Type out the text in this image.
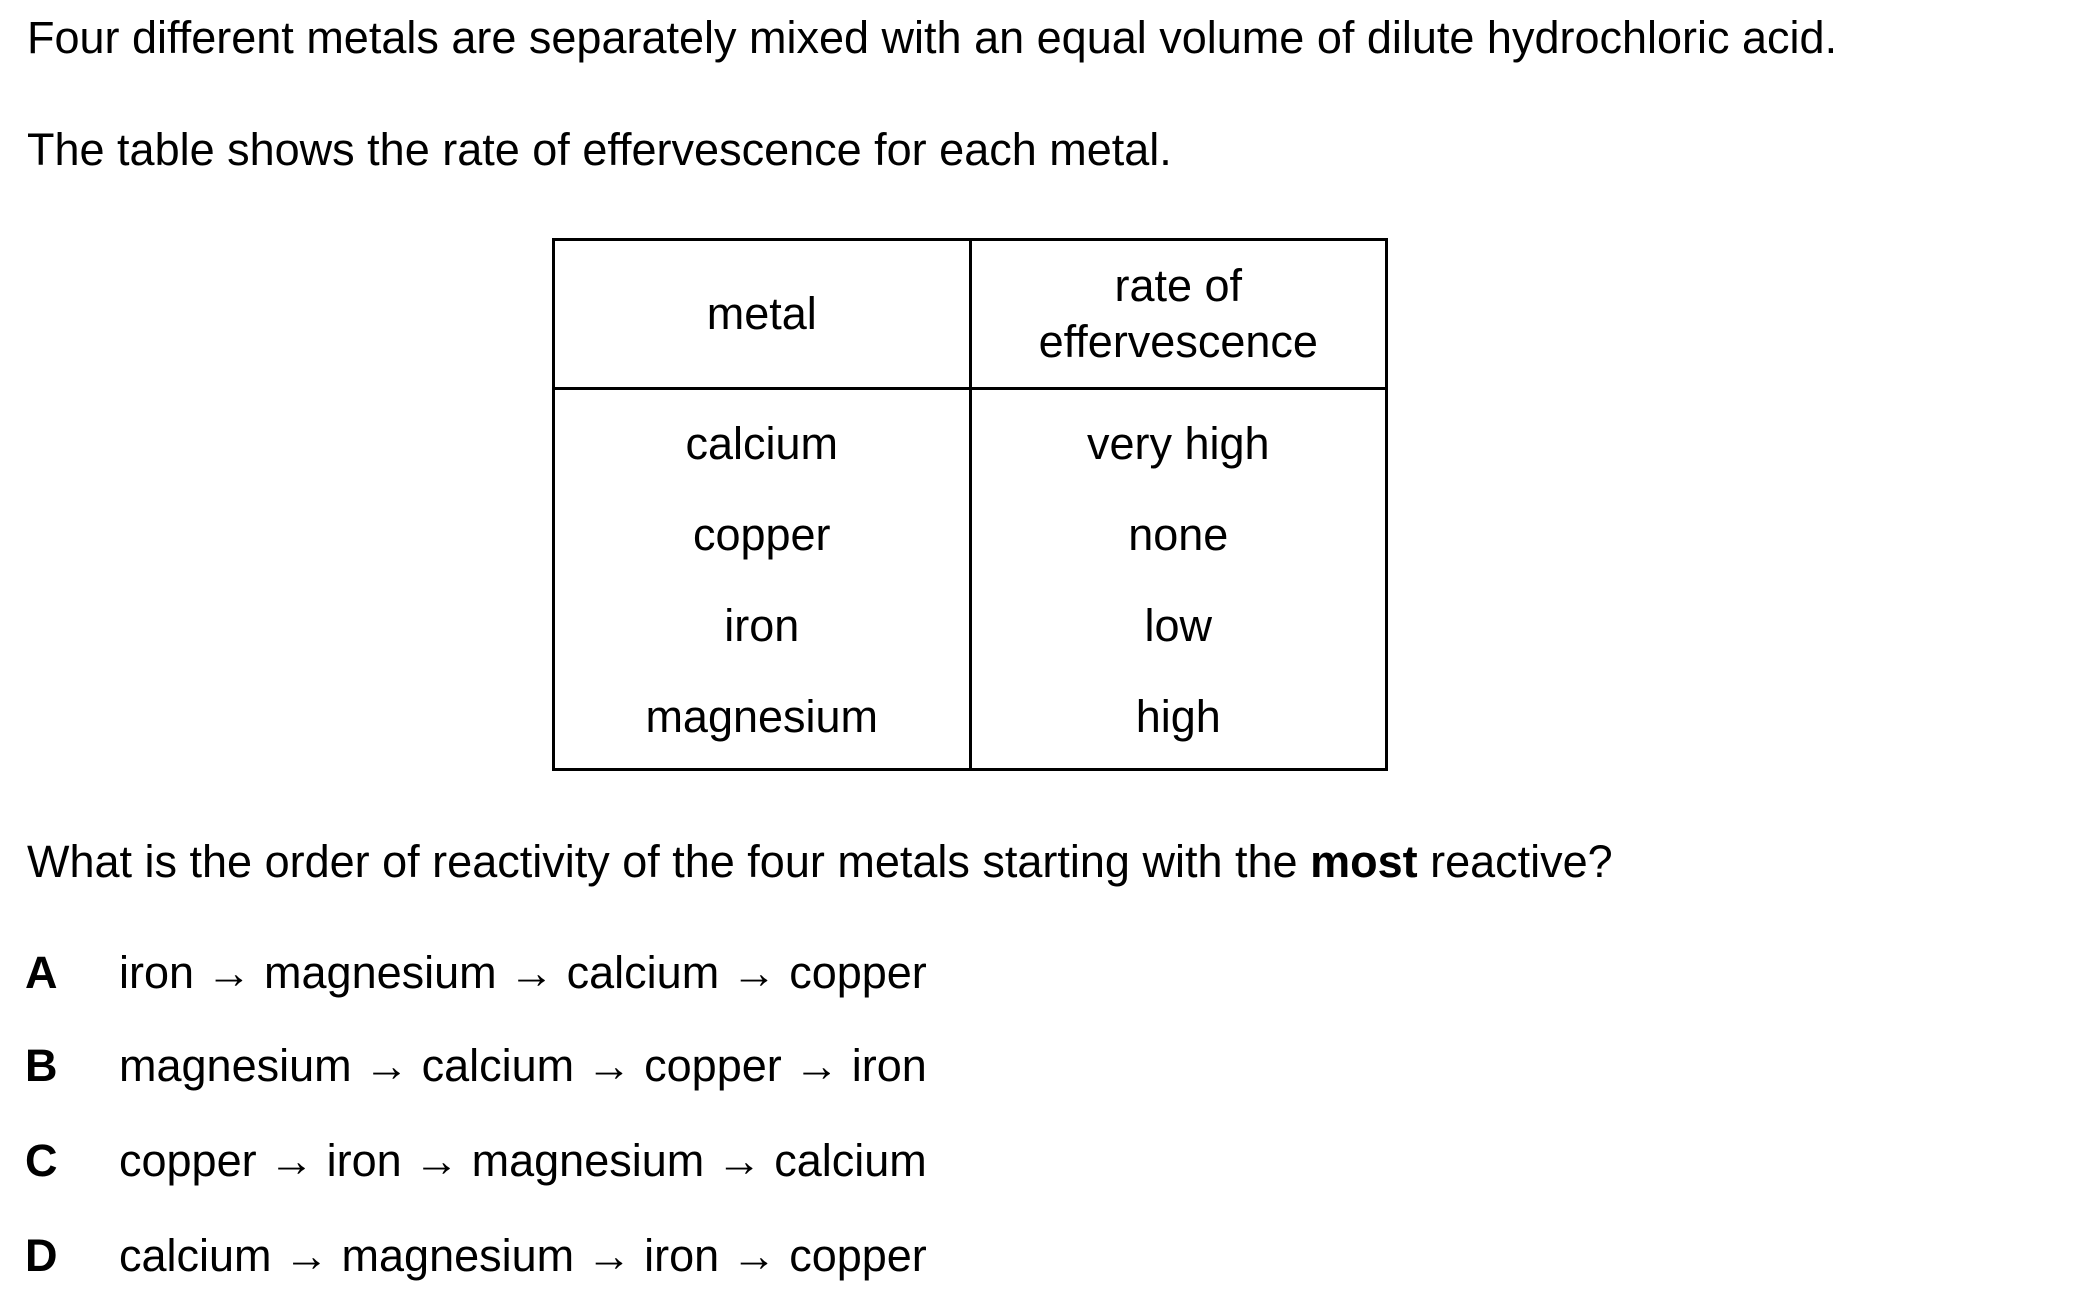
Four different metals are separately mixed with an equal volume of dilute hydrochloric acid.

The table shows the rate of effervescence for each metal.

metal	rate of
effervescence

calcium	very high
copper	none
iron	low
magnesium	high

What is the order of reactivity of the four metals starting with the most reactive?

A iron → magnesium → calcium → copper
B magnesium → calcium → copper → iron
C copper → iron → magnesium → calcium
D calcium → magnesium → iron → copper
